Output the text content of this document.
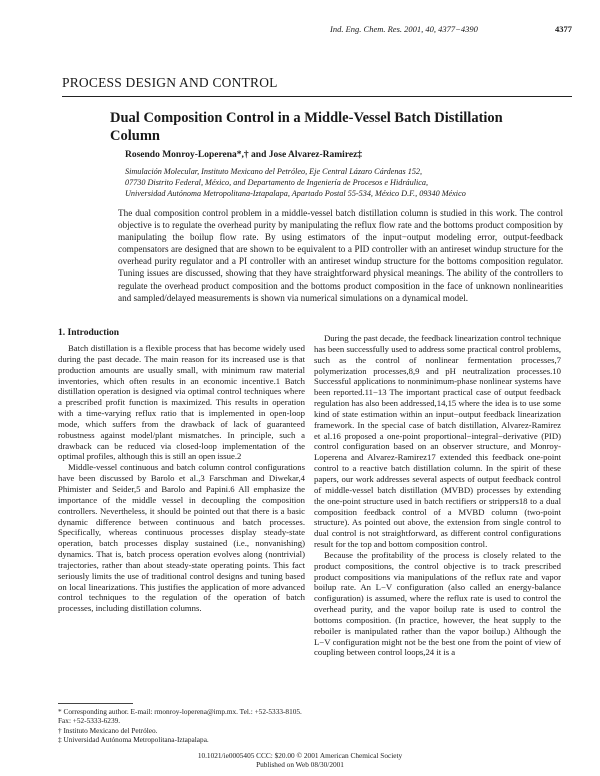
Ind. Eng. Chem. Res. 2001, 40, 4377−4390	4377
PROCESS DESIGN AND CONTROL
Dual Composition Control in a Middle-Vessel Batch Distillation Column
Rosendo Monroy-Loperena*,† and Jose Alvarez-Ramirez‡
Simulación Molecular, Instituto Mexicano del Petróleo, Eje Central Lázaro Cárdenas 152,
07730 Distrito Federal, México, and Departamento de Ingeniería de Procesos e Hidráulica,
Universidad Autónoma Metropolitana-Iztapalapa, Apartado Postal 55-534, México D.F., 09340 México
The dual composition control problem in a middle-vessel batch distillation column is studied in this work. The control objective is to regulate the overhead purity by manipulating the reflux flow rate and the bottoms product composition by manipulating the boilup flow rate. By using estimators of the input−output modeling error, output-feedback compensators are designed that are shown to be equivalent to a PID controller with an antireset windup structure for the overhead purity regulator and a PI controller with an antireset windup structure for the bottoms composition regulator. Tuning issues are discussed, showing that they have straightforward physical meanings. The ability of the controllers to regulate the overhead product composition and the bottoms product composition in the face of unknown nonlinearities and sampled/delayed measurements is shown via numerical simulations on a dynamical model.
1. Introduction

Batch distillation is a flexible process that has become widely used during the past decade. The main reason for its increased use is that production amounts are usually small, with minimum raw material inventories, which often results in an economic incentive.1 Batch distillation operation is designed via optimal control techniques where a prescribed profit function is maximized. This results in operation with a time-varying reflux ratio that is implemented in open-loop mode, which suffers from the drawback of lack of guaranteed robustness against model/plant mismatches. In principle, such a drawback can be reduced via closed-loop implementation of the optimal profiles, although this is still an open issue.2

Middle-vessel continuous and batch column control configurations have been discussed by Barolo et al.,3 Farschman and Diwekar,4 Phimister and Seider,5 and Barolo and Papini.6 All emphasize the importance of the middle vessel in decoupling the composition controllers. Nevertheless, it should be pointed out that there is a basic dynamic difference between continuous and batch processes. Specifically, whereas continuous processes display steady-state operation, batch processes display sustained (i.e., nonvanishing) dynamics. That is, batch process operation evolves along (nontrivial) trajectories, rather than about steady-state operating points. This fact seriously limits the use of traditional control designs and tuning based on local linearizations. This justifies the application of more advanced control techniques to the regulation of the operation of batch processes, including distillation columns.

During the past decade, the feedback linearization control technique has been successfully used to address some practical control problems, such as the control of nonlinear fermentation processes,7 polymerization processes,8,9 and pH neutralization processes.10 Successful applications to nonminimum-phase nonlinear systems have been reported.11−13 The important practical case of output feedback regulation has also been addressed,14,15 where the idea is to use some kind of state estimation within an input−output feedback linearization framework. In the special case of batch distillation, Alvarez-Ramirez et al.16 proposed a one-point proportional−integral−derivative (PID) control configuration based on an observer structure, and Monroy-Loperena and Alvarez-Ramirez17 extended this feedback one-point control to a reactive batch distillation column. In the spirit of these papers, our work addresses several aspects of output feedback control of middle-vessel batch distillation (MVBD) processes by extending the one-point structure used in batch rectifiers or strippers18 to a dual composition feedback control of a MVBD column (two-point structure). As pointed out above, the extension from single control to dual control is not straightforward, as different control configurations result for the top and bottom composition control.

Because the profitability of the process is closely related to the product compositions, the control objective is to track prescribed product compositions via manipulations of the reflux rate and vapor boilup rate. An L−V configuration (also called an energy-balance configuration) is assumed, where the reflux rate is used to control the overhead purity, and the vapor boilup rate is used to control the bottoms composition. (In practice, however, the heat supply to the reboiler is manipulated rather than the vapor boilup.) Although the L−V configuration might not be the best one from the point of view of coupling between control loops,24 it is a

* Corresponding author. E-mail: rmonroy-loperena@imp.mx. Tel.: +52-5333-8105. Fax: +52-5333-6239.
† Instituto Mexicano del Petróleo.
‡ Universidad Autónoma Metropolitana-Iztapalapa.
10.1021/ie0005405 CCC: $20.00 © 2001 American Chemical Society
Published on Web 08/30/2001
